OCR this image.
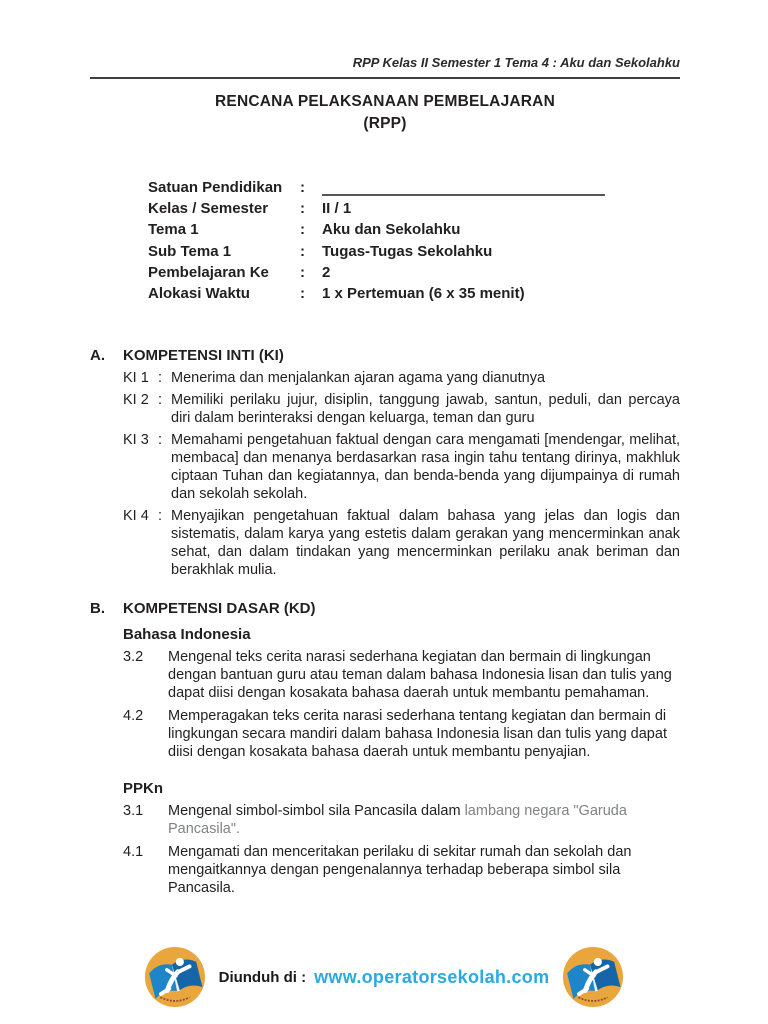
RPP Kelas II Semester 1 Tema 4 : Aku dan Sekolahku
RENCANA PELAKSANAAN PEMBELAJARAN
(RPP)
Satuan Pendidikan	:
Kelas / Semester	:	II / 1
Tema 1	:	Aku dan Sekolahku
Sub Tema 1	:	Tugas-Tugas Sekolahku
Pembelajaran Ke	:	2
Alokasi Waktu	:	1 x Pertemuan (6 x 35 menit)
A.	KOMPETENSI INTI (KI)
KI 1 : Menerima dan menjalankan ajaran agama yang dianutnya
KI 2 : Memiliki perilaku jujur, disiplin, tanggung jawab, santun, peduli, dan percaya diri dalam berinteraksi dengan keluarga, teman dan guru
KI 3 : Memahami pengetahuan faktual dengan cara mengamati [mendengar, melihat, membaca] dan menanya berdasarkan rasa ingin tahu tentang dirinya, makhluk ciptaan Tuhan dan kegiatannya, dan benda-benda yang dijumpainya di rumah dan sekolah sekolah.
KI 4 : Menyajikan pengetahuan faktual dalam bahasa yang jelas dan logis dan sistematis, dalam karya yang estetis dalam gerakan yang mencerminkan anak sehat, dan dalam tindakan yang mencerminkan perilaku anak beriman dan berakhlak mulia.
B.	KOMPETENSI DASAR (KD)
Bahasa Indonesia
3.2	Mengenal teks cerita narasi sederhana kegiatan dan bermain di lingkungan dengan bantuan guru atau teman dalam bahasa Indonesia lisan dan tulis yang dapat diisi dengan kosakata bahasa daerah untuk membantu pemahaman.
4.2	Memperagakan teks cerita narasi sederhana tentang kegiatan dan bermain di lingkungan secara mandiri dalam bahasa Indonesia lisan dan tulis yang dapat diisi dengan kosakata bahasa daerah untuk membantu penyajian.
PPKn
3.1	Mengenal simbol-simbol sila Pancasila dalam lambang negara "Garuda Pancasila".
4.1	Mengamati dan menceritakan perilaku di sekitar rumah dan sekolah dan mengaitkannya dengan pengenalannya terhadap beberapa simbol sila Pancasila.
Diunduh di : www.operatorsekolah.com
